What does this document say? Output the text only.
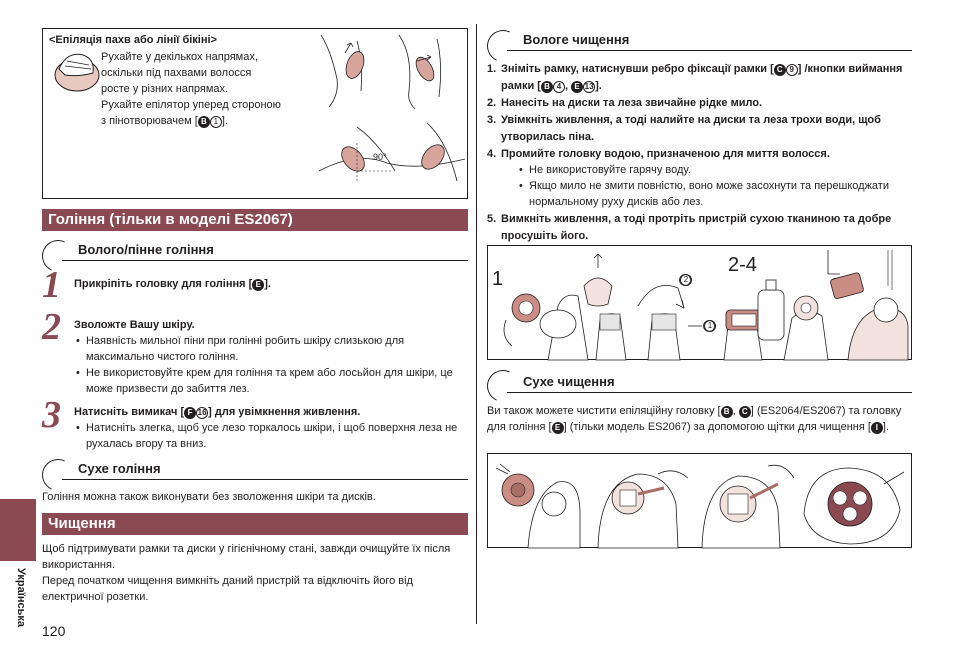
<Епіляція пахв або лінії бікіні>
Рухайте у декількох напрямах,
оскільки під пахвами волосся
росте у різних напрямах.
Рухайте епілятор уперед стороною
з пінотворювачем [ B 1 ].
90°
Гоління (тільки в моделі ES2067)
Волого/пінне гоління
1 Прикріпіть головку для гоління [ E ].
2 Зволожте Вашу шкіру.
• Наявність мильної піни при голінні робить шкіру слизькою для максимально чистого гоління.
• Не використовуйте крем для гоління та крем або лосьйон для шкіри, це може призвести до забиття лез.
3 Натисніть вимикач [ F 16 ] для увімкнення живлення.
• Натисніть злегка, щоб усе лезо торкалось шкіри, і щоб поверхня леза не рухалась вгору та вниз.
Сухе гоління
Гоління можна також виконувати без зволоження шкіри та дисків.
Чищення
Щоб підтримувати рамки та диски у гігієнічному стані, завжди очищуйте їх після використання.
Перед початком чищення вимкніть даний пристрій та відключіть його від електричної розетки.
Українська
120
Вологе чищення
1. Зніміть рамку, натиснувши ребро фіксації рамки [ C 9 ] /кнопки виймання рамки [ B 4 , E 13 ].
2. Нанесіть на диски та леза звичайне рідке мило.
3. Увімкніть живлення, а тоді налийте на диски та леза трохи води, щоб утворилась піна.
4. Промийте головку водою, призначеною для миття волосся.
• Не використовуйте гарячу воду.
• Якщо мило не змити повністю, воно може засохнути та перешкоджати нормальному руху дисків або лез.
5. Вимкніть живлення, а тоді протріть пристрій сухою тканиною та добре просушіть його.
1
2-4
2
1
Сухе чищення
Ви також можете чистити епіляційну головку [ B , C ] (ES2064/ES2067) та головку для гоління [ E ] (тільки модель ES2067) за допомогою щітки для чищення [ I ].
